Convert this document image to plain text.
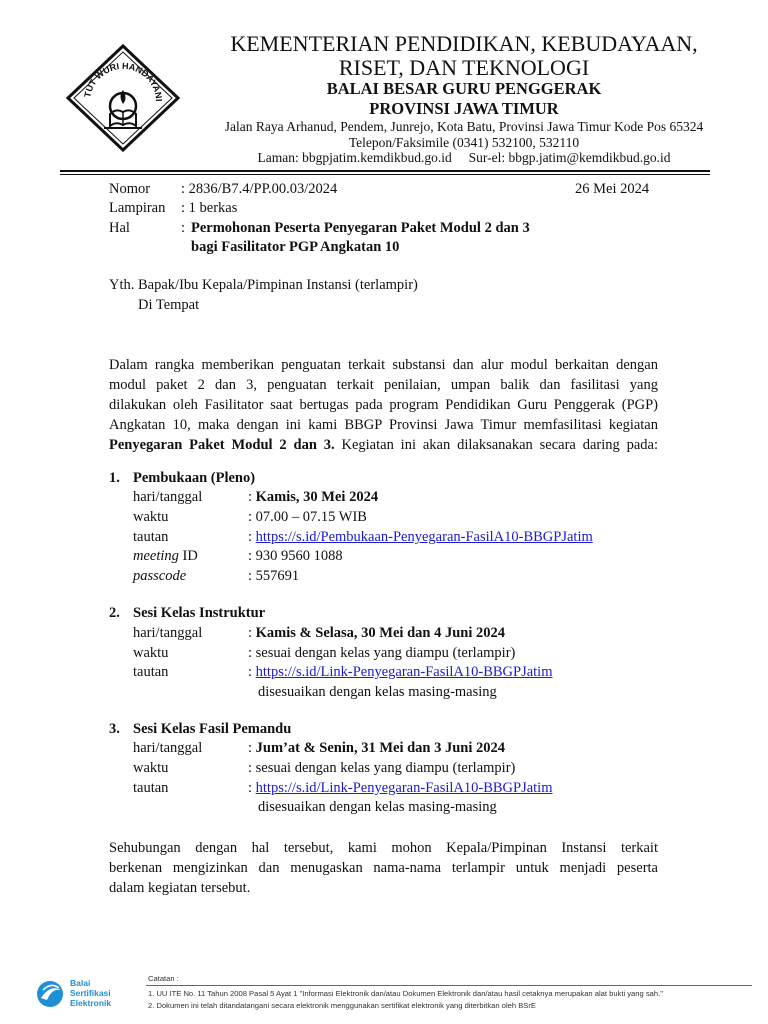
TUT WURI HANDAYANI
KEMENTERIAN PENDIDIKAN, KEBUDAYAAN,
RISET, DAN TEKNOLOGI
BALAI BESAR GURU PENGGERAK
PROVINSI JAWA TIMUR
Jalan Raya Arhanud, Pendem, Junrejo, Kota Batu, Provinsi Jawa Timur Kode Pos 65324
Telepon/Faksimile (0341) 532100, 532110
Laman: bbgpjatim.kemdikbud.go.id     Sur-el: bbgp.jatim@kemdikbud.go.id
Nomor : 2836/B7.4/PP.00.03/2024	26 Mei 2024
Lampiran : 1 berkas
Hal	: Permohonan Peserta Penyegaran Paket Modul 2 dan 3
bagi Fasilitator PGP Angkatan 10
Yth. Bapak/Ibu Kepala/Pimpinan Instansi (terlampir)
Di Tempat
Dalam rangka memberikan penguatan terkait substansi dan alur modul berkaitan dengan
modul paket 2 dan 3, penguatan terkait penilaian, umpan balik dan fasilitasi yang
dilakukan oleh Fasilitator saat bertugas pada program Pendidikan Guru Penggerak (PGP)
Angkatan 10, maka dengan ini kami BBGP Provinsi Jawa Timur memfasilitasi kegiatan
Penyegaran Paket Modul 2 dan 3. Kegiatan ini akan dilaksanakan secara daring pada:
1. Pembukaan (Pleno)
hari/tanggal	: Kamis, 30 Mei 2024
waktu	: 07.00 – 07.15 WIB
tautan	: https://s.id/Pembukaan-Penyegaran-FasilA10-BBGPJatim
meeting ID	: 930 9560 1088
passcode	: 557691
2. Sesi Kelas Instruktur
hari/tanggal	: Kamis & Selasa, 30 Mei dan 4 Juni 2024
waktu	: sesuai dengan kelas yang diampu (terlampir)
tautan	: https://s.id/Link-Penyegaran-FasilA10-BBGPJatim
disesuaikan dengan kelas masing-masing
3. Sesi Kelas Fasil Pemandu
hari/tanggal	: Jum’at & Senin, 31 Mei dan 3 Juni 2024
waktu	: sesuai dengan kelas yang diampu (terlampir)
tautan	: https://s.id/Link-Penyegaran-FasilA10-BBGPJatim
disesuaikan dengan kelas masing-masing
Sehubungan dengan hal tersebut, kami mohon Kepala/Pimpinan Instansi terkait
berkenan mengizinkan dan menugaskan nama-nama terlampir untuk menjadi peserta
dalam kegiatan tersebut.
Balai
Sertifikasi
Elektronik
Catatan :
1. UU ITE No. 11 Tahun 2008 Pasal 5 Ayat 1 "Informasi Elektronik dan/atau Dokumen Elektronik dan/atau hasil cetaknya merupakan alat bukti yang sah."
2. Dokumen ini telah ditandatangani secara elektronik menggunakan sertifikat elektronik yang diterbitkan oleh BSrE
